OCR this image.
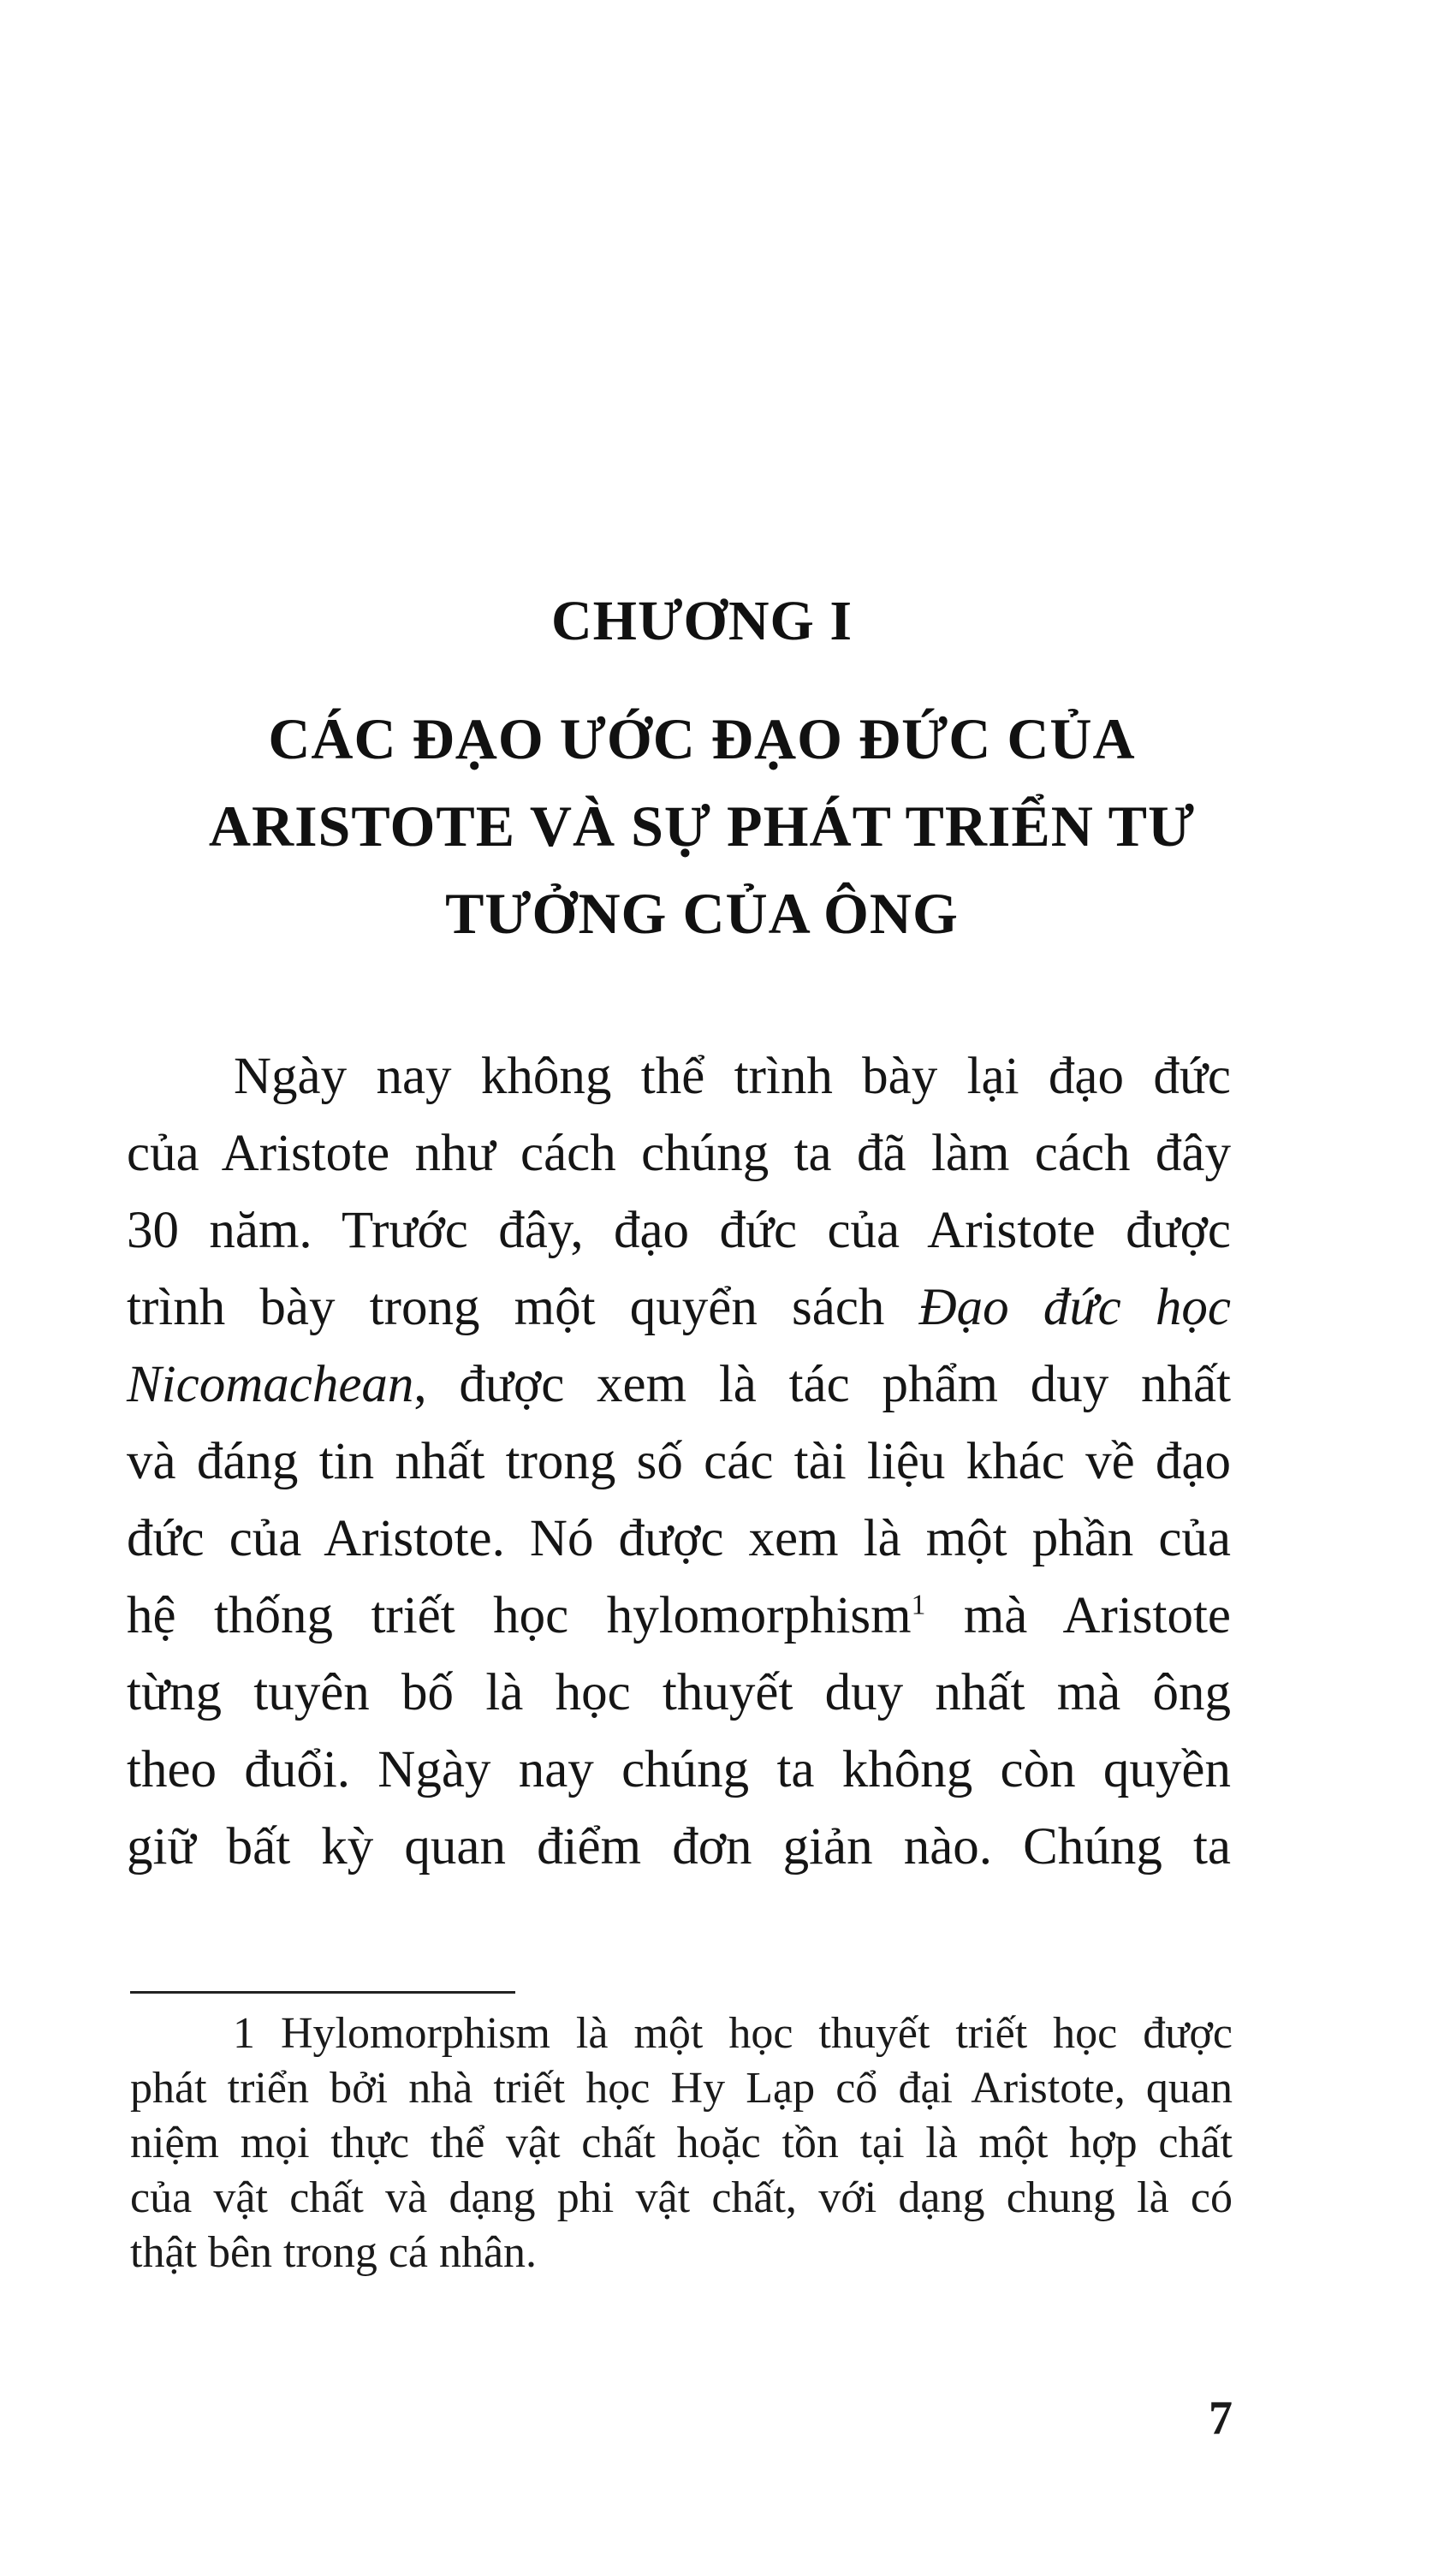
CHƯƠNG I
CÁC ĐẠO ƯỚC ĐẠO ĐỨC CỦA
ARISTOTE VÀ SỰ PHÁT TRIỂN TƯ
TƯỞNG CỦA ÔNG
Ngày nay không thể trình bày lại đạo đức
của Aristote như cách chúng ta đã làm cách đây
30 năm. Trước đây, đạo đức của Aristote được
trình bày trong một quyển sách Đạo đức học
Nicomachean, được xem là tác phẩm duy nhất
và đáng tin nhất trong số các tài liệu khác về đạo
đức của Aristote. Nó được xem là một phần của
hệ thống triết học hylomorphism$^1$ mà Aristote
từng tuyên bố là học thuyết duy nhất mà ông
theo đuổi. Ngày nay chúng ta không còn quyền
giữ bất kỳ quan điểm đơn giản nào. Chúng ta
1 Hylomorphism là một học thuyết triết học được
phát triển bởi nhà triết học Hy Lạp cổ đại Aristote, quan
niệm mọi thực thể vật chất hoặc tồn tại là một hợp chất
của vật chất và dạng phi vật chất, với dạng chung là có
thật bên trong cá nhân.
7
